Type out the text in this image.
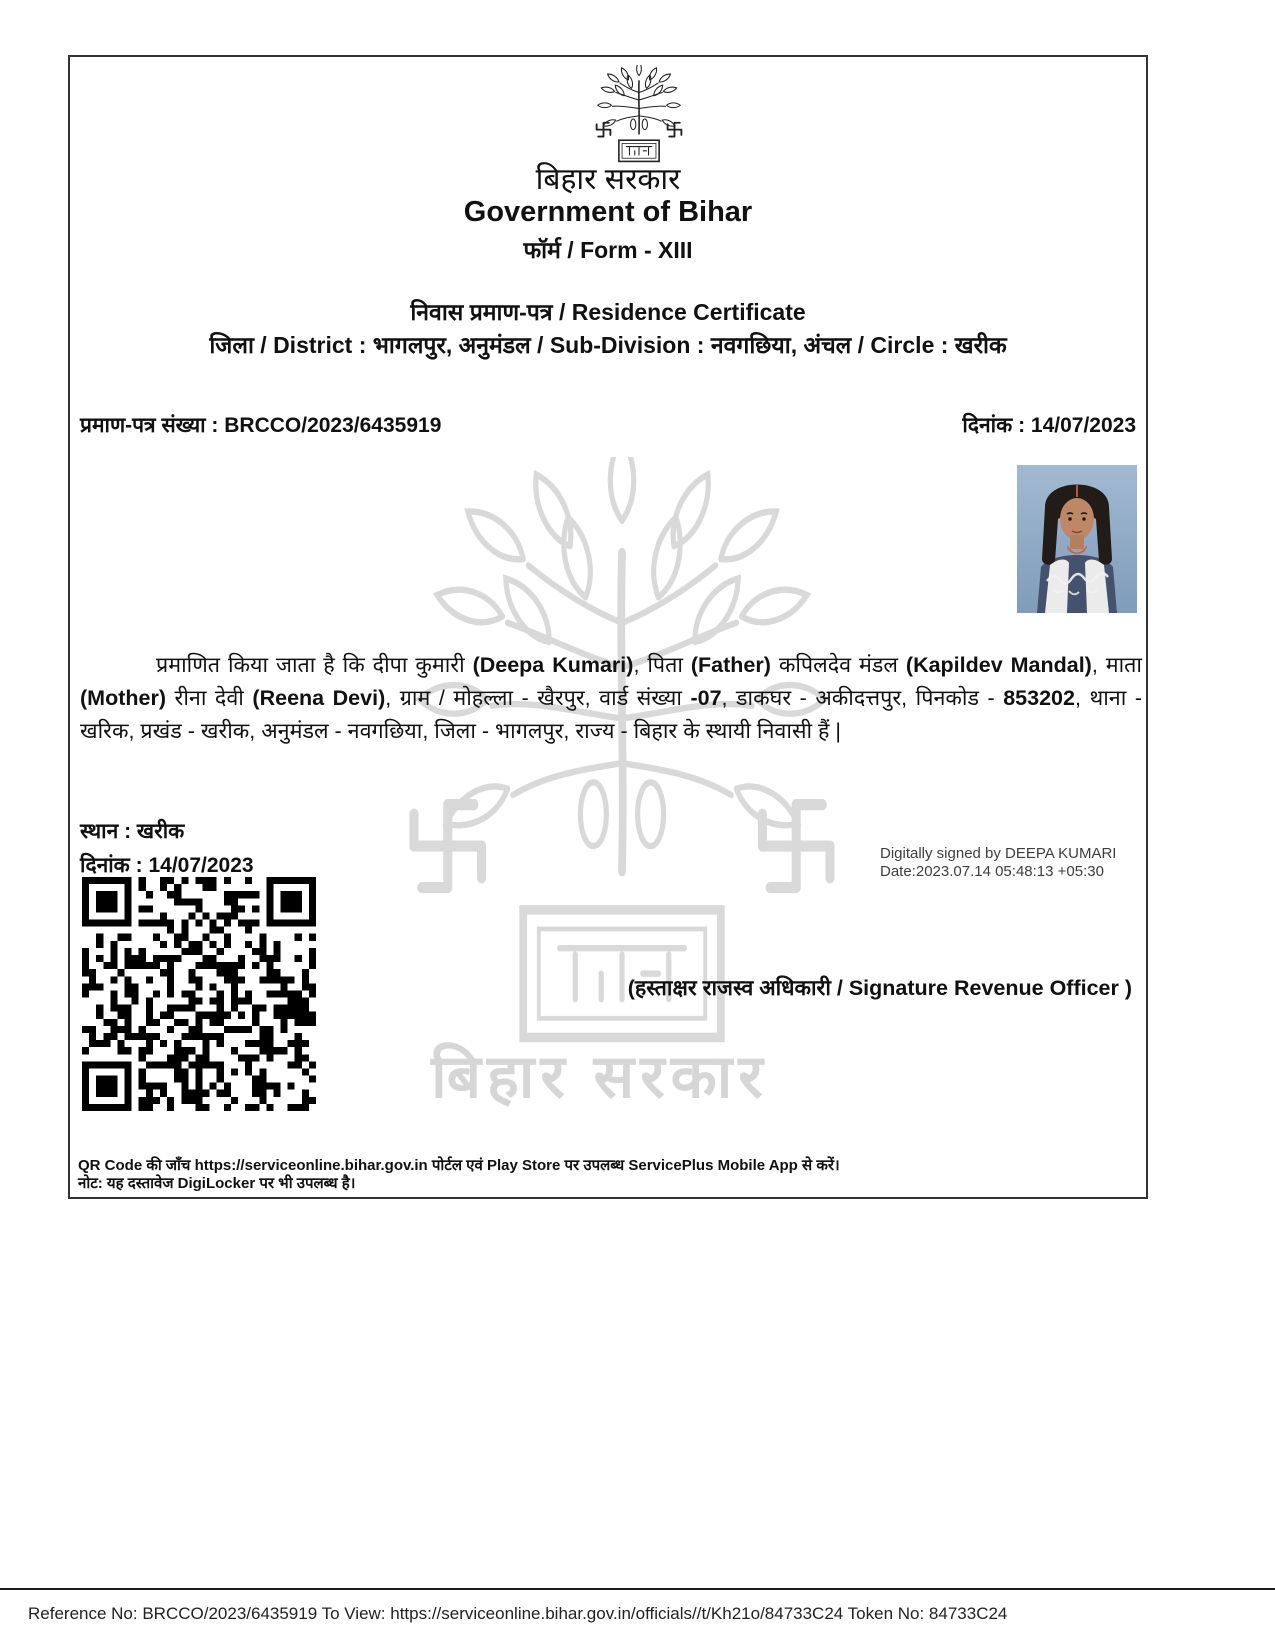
बिहार सरकार
बिहार सरकार
Government of Bihar
फॉर्म / Form - XIII
निवास प्रमाण-पत्र / Residence Certificate
जिला / District : भागलपुर, अनुमंडल / Sub-Division : नवगछिया, अंचल / Circle : खरीक
प्रमाण-पत्र संख्या : BRCCO/2023/6435919	दिनांक : 14/07/2023

प्रमाणित किया जाता है कि दीपा कुमारी (Deepa Kumari), पिता (Father) कपिलदेव मंडल (Kapildev Mandal), माता (Mother) रीना देवी (Reena Devi), ग्राम / मोहल्ला - खैरपुर, वार्ड संख्या -07, डाकघर - अकीदत्तपुर, पिनकोड - 853202, थाना - खरिक, प्रखंड - खरीक, अनुमंडल - नवगछिया, जिला - भागलपुर, राज्य - बिहार के स्थायी निवासी हैं |

स्थान : खरीक
दिनांक : 14/07/2023
Digitally signed by DEEPA KUMARI
Date:2023.07.14 05:48:13 +05:30
(हस्ताक्षर राजस्व अधिकारी / Signature Revenue Officer )
QR Code की जाँच https://serviceonline.bihar.gov.in पोर्टल एवं Play Store पर उपलब्ध ServicePlus Mobile App से करें।
नोट: यह दस्तावेज DigiLocker पर भी उपलब्ध है।
Reference No: BRCCO/2023/6435919 To View: https://serviceonline.bihar.gov.in/officials//t/Kh21o/84733C24 Token No: 84733C24
